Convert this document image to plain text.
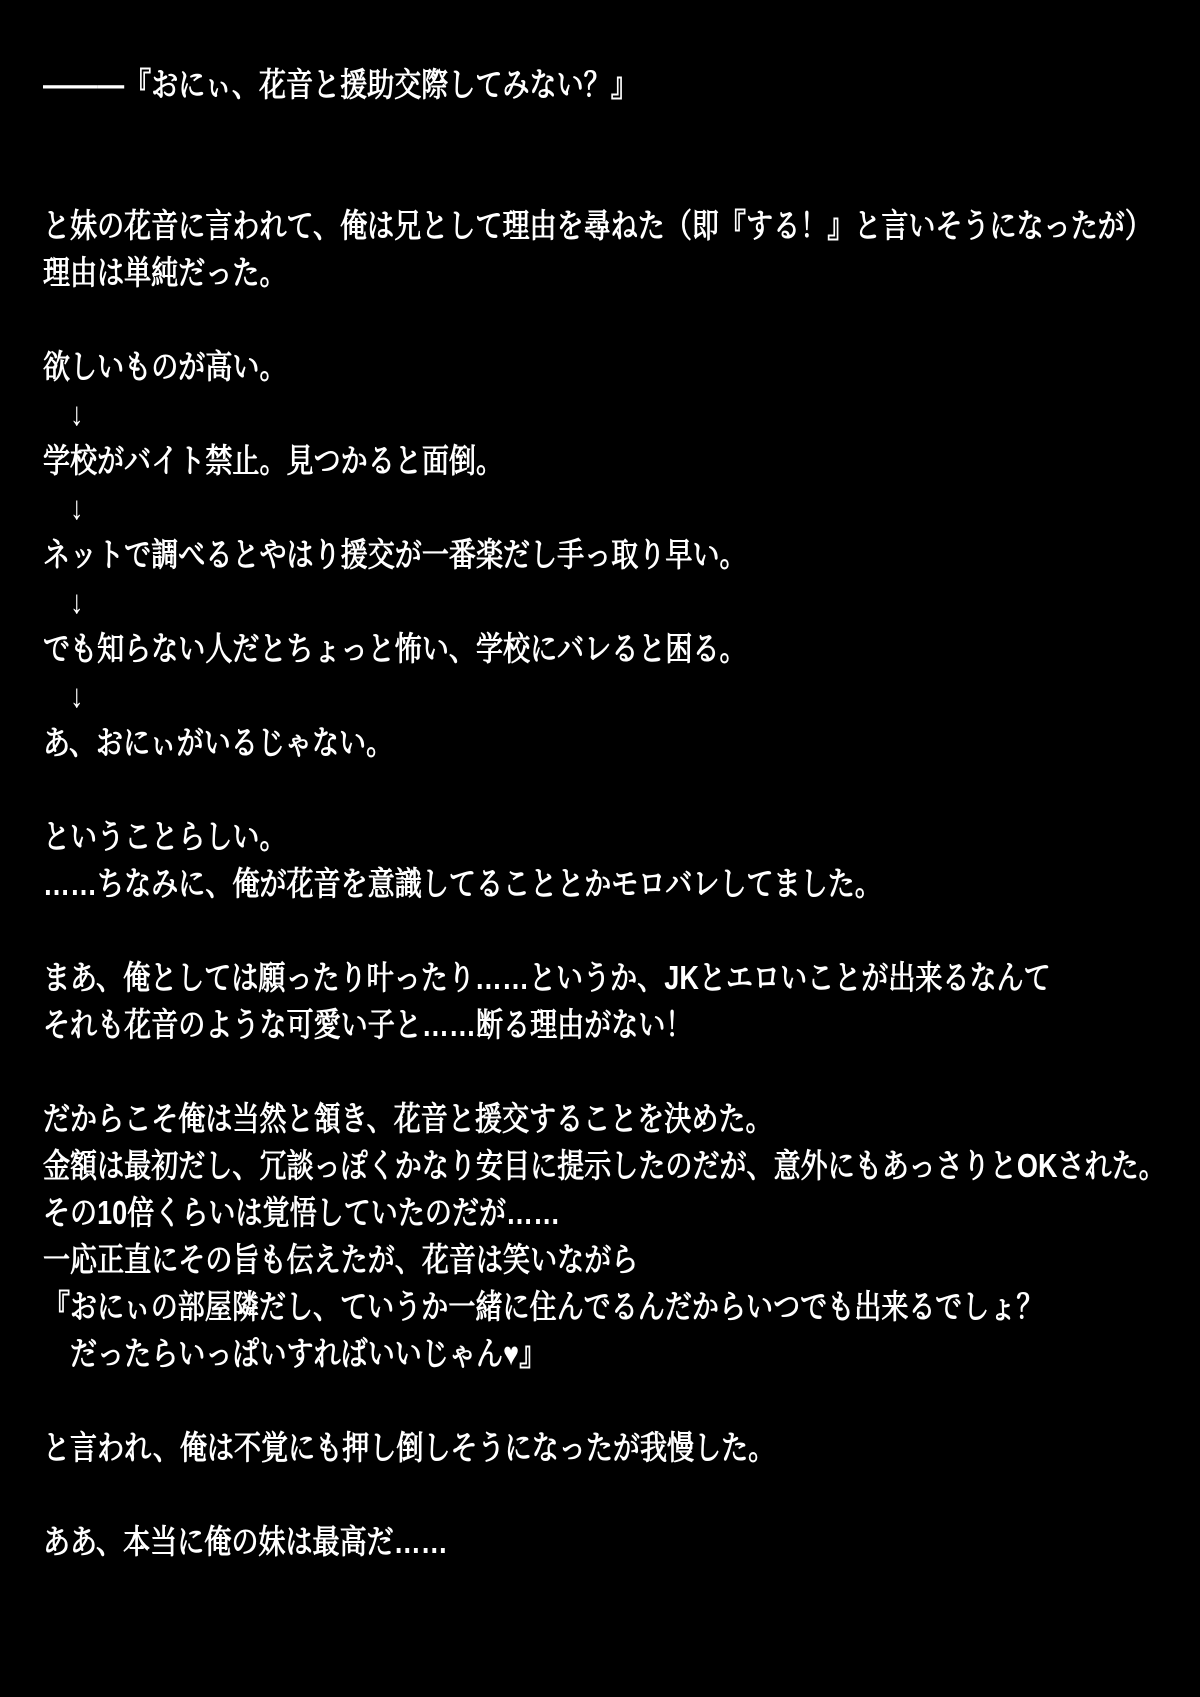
―――『おにぃ、花音と援助交際してみない？』
と妹の花音に言われて、俺は兄として理由を尋ねた（即『する！』と言いそうになったが）
理由は単純だった。
欲しいものが高い。
　↓
学校がバイト禁止。見つかると面倒。
　↓
ネットで調べるとやはり援交が一番楽だし手っ取り早い。
　↓
でも知らない人だとちょっと怖い、学校にバレると困る。
　↓
あ、おにぃがいるじゃない。
ということらしい。
……ちなみに、俺が花音を意識してることとかモロバレしてました。
まあ、俺としては願ったり叶ったり……というか、JKとエロいことが出来るなんて
それも花音のような可愛い子と……断る理由がない！
だからこそ俺は当然と頷き、花音と援交することを決めた。
金額は最初だし、冗談っぽくかなり安目に提示したのだが、意外にもあっさりとOKされた。
その10倍くらいは覚悟していたのだが……
一応正直にその旨も伝えたが、花音は笑いながら
『おにぃの部屋隣だし、ていうか一緒に住んでるんだからいつでも出来るでしょ？
　だったらいっぱいすればいいじゃん♥』
と言われ、俺は不覚にも押し倒しそうになったが我慢した。
ああ、本当に俺の妹は最高だ……
